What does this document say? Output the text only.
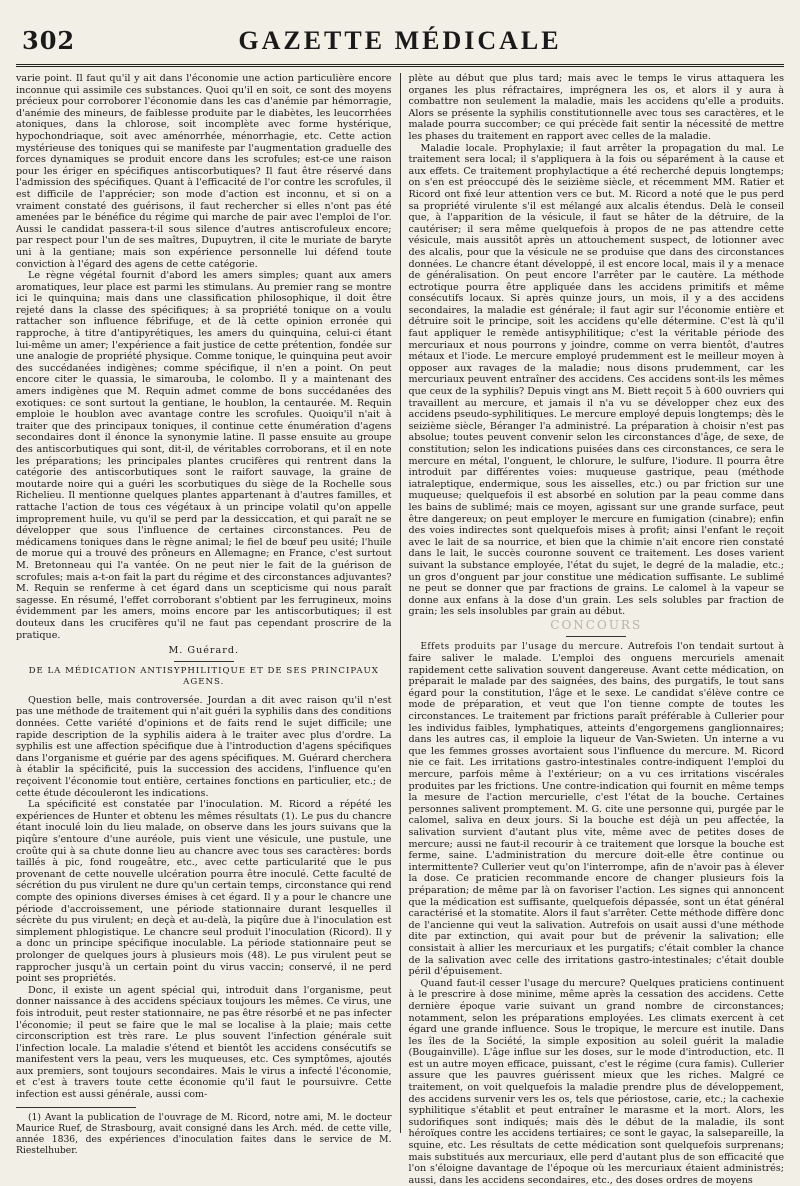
302	GAZETTE MÉDICALE

varie point. Il faut qu'il y ait dans l'économie une action particulière encore inconnue qui assimile ces substances. Quoi qu'il en soit, ce sont des moyens précieux pour corroborer l'économie dans les cas d'anémie par hémorragie, d'anémie des mineurs, de faiblesse produite par le diabètes, les leucorrhées atoniques, dans la chlorose, soit incomplète avec forme hystérique, hypochondriaque, soit avec aménorrhée, ménorrhagie, etc. Cette action mystérieuse des toniques qui se manifeste par l'augmentation graduelle des forces dynamiques se produit encore dans les scrofules; est-ce une raison pour les ériger en spécifiques antiscorbutiques? Il faut être réservé dans l'admission des spécifiques. Quant à l'efficacité de l'or contre les scrofules, il est difficile de l'apprécier; son mode d'action est inconnu, et si on a vraiment constaté des guérisons, il faut rechercher si elles n'ont pas été amenées par le bénéfice du régime qui marche de pair avec l'emploi de l'or. Aussi le candidat passera-t-il sous silence d'autres antiscrofuleux encore; par respect pour l'un de ses maîtres, Dupuytren, il cite le muriate de baryte uni à la gentiane; mais son expérience personnelle lui défend toute conviction à l'égard des agens de cette catégorie.

Le règne végétal fournit d'abord les amers simples; quant aux amers aromatiques, leur place est parmi les stimulans. Au premier rang se montre ici le quinquina; mais dans une classification philosophique, il doit être rejeté dans la classe des spécifiques; à sa propriété tonique on a voulu rattacher son influence fébrifuge, et de là cette opinion erronée qui rapproche, à titre d'antipyrétiques, les amers du quinquina, celui-ci étant lui-même un amer; l'expérience a fait justice de cette prétention, fondée sur une analogie de propriété physique. Comme tonique, le quinquina peut avoir des succédanées indigènes; comme spécifique, il n'en a point. On peut encore citer le quassia, le simarouba, le colombo. Il y a maintenant des amers indigènes que M. Requin admet comme de bons succédanées des exotiques: ce sont surtout la gentiane, le houblon, la centaurée. M. Requin emploie le houblon avec avantage contre les scrofules. Quoiqu'il n'ait à traiter que des principaux toniques, il continue cette énumération d'agens secondaires dont il énonce la synonymie latine. Il passe ensuite au groupe des antiscorbutiques qui sont, dit-il, de véritables corroborans, et il en note les préparations; les principales plantes crucifères qui rentrent dans la catégorie des antiscorbutiques sont le raifort sauvage, la graine de moutarde noire qui a guéri les scorbutiques du siège de la Rochelle sous Richelieu. Il mentionne quelques plantes appartenant à d'autres familles, et rattache l'action de tous ces végétaux à un principe volatil qu'on appelle improprement huile, vu qu'il se perd par la dessiccation, et qui paraît ne se développer que sous l'influence de certaines circonstances. Peu de médicamens toniques dans le règne animal; le fiel de bœuf peu usité; l'huile de morue qui a trouvé des prôneurs en Allemagne; en France, c'est surtout M. Bretonneau qui l'a vantée. On ne peut nier le fait de la guérison de scrofules; mais a-t-on fait la part du régime et des circonstances adjuvantes? M. Requin se renferme à cet égard dans un scepticisme qui nous paraît sagesse. En résumé, l'effet corroborant s'obtient par les ferrugineux, moins évidemment par les amers, moins encore par les antiscorbutiques; il est douteux dans les crucifères qu'il ne faut pas cependant proscrire de la pratique.

M. Guérard.
DE LA MÉDICATION ANTISYPHILITIQUE ET DE SES PRINCIPAUX AGENS.

Question belle, mais controversée. Jourdan a dit avec raison qu'il n'est pas une méthode de traitement qui n'ait guéri la syphilis dans des conditions données. Cette variété d'opinions et de faits rend le sujet difficile; une rapide description de la syphilis aidera à le traiter avec plus d'ordre. La syphilis est une affection spécifique due à l'introduction d'agens spécifiques dans l'organisme et guérie par des agens spécifiques. M. Guérard cherchera à établir la spécificité, puis la succession des accidens, l'influence qu'en reçoivent l'économie tout entière, certaines fonctions en particulier, etc.; de cette étude découleront les indications.

La spécificité est constatée par l'inoculation. M. Ricord a répété les expériences de Hunter et obtenu les mêmes résultats (1). Le pus du chancre étant inoculé loin du lieu malade, on observe dans les jours suivans que la piqûre s'entoure d'une auréole, puis vient une vésicule, une pustule, une croûte qui à sa chute donne lieu au chancre avec tous ses caractères: bords taillés à pic, fond rougeâtre, etc., avec cette particularité que le pus provenant de cette nouvelle ulcération pourra être inoculé. Cette faculté de sécrétion du pus virulent ne dure qu'un certain temps, circonstance qui rend compte des opinions diverses émises à cet égard. Il y a pour le chancre une période d'accroissement, une période stationnaire durant lesquelles il sécrète du pus virulent; en deçà et au-delà, la piqûre due à l'inoculation est simplement phlogistique. Le chancre seul produit l'inoculation (Ricord). Il y a donc un principe spécifique inoculable. La période stationnaire peut se prolonger de quelques jours à plusieurs mois (48). Le pus virulent peut se rapprocher jusqu'à un certain point du virus vaccin; conservé, il ne perd point ses propriétés.

Donc, il existe un agent spécial qui, introduit dans l'organisme, peut donner naissance à des accidens spéciaux toujours les mêmes. Ce virus, une fois introduit, peut rester stationnaire, ne pas être résorbé et ne pas infecter l'économie; il peut se faire que le mal se localise à la plaie; mais cette circonscription est très rare. Le plus souvent l'infection générale suit l'infection locale. La maladie s'étend et bientôt les accidens consécutifs se manifestent vers la peau, vers les muqueuses, etc. Ces symptômes, ajoutés aux premiers, sont toujours secondaires. Mais le virus a infecté l'économie, et c'est à travers toute cette économie qu'il faut le poursuivre. Cette infection est aussi générale, aussi com-

(1) Avant la publication de l'ouvrage de M. Ricord, notre ami, M. le docteur Maurice Ruef, de Strasbourg, avait consigné dans les Arch. méd. de cette ville, année 1836, des expériences d'inoculation faites dans le service de M. Riestelhuber.

plète au début que plus tard; mais avec le temps le virus attaquera les organes les plus réfractaires, imprégnera les os, et alors il y aura à combattre non seulement la maladie, mais les accidens qu'elle a produits. Alors se présente la syphilis constitutionnelle avec tous ses caractères, et le malade pourra succomber; ce qui précède fait sentir la nécessité de mettre les phases du traitement en rapport avec celles de la maladie.

Maladie locale. Prophylaxie; il faut arrêter la propagation du mal. Le traitement sera local; il s'appliquera à la fois ou séparément à la cause et aux effets. Ce traitement prophylactique a été recherché depuis longtemps; on s'en est préoccupé dès le seizième siècle, et récemment MM. Ratier et Ricord ont fixé leur attention vers ce but. M. Ricord a noté que le pus perd sa propriété virulente s'il est mélangé aux alcalis étendus. Delà le conseil que, à l'apparition de la vésicule, il faut se hâter de la détruire, de la cautériser; il sera même quelquefois à propos de ne pas attendre cette vésicule, mais aussitôt après un attouchement suspect, de lotionner avec des alcalis, pour que la vésicule ne se produise que dans des circonstances données. Le chancre étant développé, il est encore local, mais il y a menace de généralisation. On peut encore l'arrêter par le cautère. La méthode ectrotique pourra être appliquée dans les accidens primitifs et même consécutifs locaux. Si après quinze jours, un mois, il y a des accidens secondaires, la maladie est générale; il faut agir sur l'économie entière et détruire soit le principe, soit les accidens qu'elle détermine. C'est là qu'il faut appliquer le remède antisyphilitique; c'est la véritable période des mercuriaux et nous pourrons y joindre, comme on verra bientôt, d'autres métaux et l'iode. Le mercure employé prudemment est le meilleur moyen à opposer aux ravages de la maladie; nous disons prudemment, car les mercuriaux peuvent entraîner des accidens. Ces accidens sont-ils les mêmes que ceux de la syphilis? Depuis vingt ans M. Biett reçoit 5 à 600 ouvriers qui travaillent au mercure, et jamais il n'a vu se développer chez eux des accidens pseudo-syphilitiques. Le mercure employé depuis longtemps; dès le seizième siècle, Béranger l'a administré. La préparation à choisir n'est pas absolue; toutes peuvent convenir selon les circonstances d'âge, de sexe, de constitution; selon les indications puisées dans ces circonstances, ce sera le mercure en métal, l'onguent, le chlorure, le sulfure, l'iodure. Il pourra être introduit par différentes voies: muqueuse gastrique, peau (méthode iatraleptique, endermique, sous les aisselles, etc.) ou par friction sur une muqueuse; quelquefois il est absorbé en solution par la peau comme dans les bains de sublimé; mais ce moyen, agissant sur une grande surface, peut être dangereux; on peut employer le mercure en fumigation (cinabre); enfin des voies indirectes sont quelquefois mises à profit; ainsi l'enfant le reçoit avec le lait de sa nourrice, et bien que la chimie n'ait encore rien constaté dans le lait, le succès couronne souvent ce traitement. Les doses varient suivant la substance employée, l'état du sujet, le degré de la maladie, etc.; un gros d'onguent par jour constitue une médication suffisante. Le sublimé ne peut se donner que par fractions de grains. Le calomel à la vapeur se donne aux enfans à la dose d'un grain. Les sels solubles par fraction de grain; les sels insolubles par grain au début.

CONCOURS

Effets produits par l'usage du mercure. Autrefois l'on tendait surtout à faire saliver le malade. L'emploi des onguens mercuriels amenait rapidement cette salivation souvent dangereuse. Avant cette médication, on préparait le malade par des saignées, des bains, des purgatifs, le tout sans égard pour la constitution, l'âge et le sexe. Le candidat s'élève contre ce mode de préparation, et veut que l'on tienne compte de toutes les circonstances. Le traitement par frictions paraît préférable à Cullerier pour les individus faibles, lymphatiques, atteints d'engorgemens ganglionnaires; dans les autres cas, il emploie la liqueur de Van-Swieten. Un interne a vu que les femmes grosses avortaient sous l'influence du mercure. M. Ricord nie ce fait. Les irritations gastro-intestinales contre-indiquent l'emploi du mercure, parfois même à l'extérieur; on a vu ces irritations viscérales produites par les frictions. Une contre-indication qui fournit en même temps la mesure de l'action mercurielle, c'est l'état de la bouche. Certaines personnes salivent promptement. M. G. cite une personne qui, purgée par le calomel, saliva en deux jours. Si la bouche est déjà un peu affectée, la salivation survient d'autant plus vite, même avec de petites doses de mercure; aussi ne faut-il recourir à ce traitement que lorsque la bouche est ferme, saine. L'administration du mercure doit-elle être continue ou intermittente? Cullerier veut qu'on l'interrompe, afin de n'avoir pas à élever la dose. Ce praticien recommande encore de changer plusieurs fois la préparation; de même par là on favoriser l'action. Les signes qui annoncent que la médication est suffisante, quelquefois dépassée, sont un état général caractérisé et la stomatite. Alors il faut s'arrêter. Cette méthode diffère donc de l'ancienne qui veut la salivation. Autrefois on usait aussi d'une méthode dite par extinction, qui avait pour but de prévenir la salivation; elle consistait à allier les mercuriaux et les purgatifs; c'était combler la chance de la salivation avec celle des irritations gastro-intestinales; c'était double péril d'épuisement.

Quand faut-il cesser l'usage du mercure? Quelques praticiens continuent à le prescrire à dose minime, même après la cessation des accidens. Cette dernière époque varie suivant un grand nombre de circonstances; notamment, selon les préparations employées. Les climats exercent à cet égard une grande influence. Sous le tropique, le mercure est inutile. Dans les îles de la Société, la simple exposition au soleil guérit la maladie (Bougainville). L'âge influe sur les doses, sur le mode d'introduction, etc. Il est un autre moyen efficace, puissant, c'est le régime (cura famis). Cullerier assure que les pauvres guérissent mieux que les riches. Malgré ce traitement, on voit quelquefois la maladie prendre plus de développement, des accidens survenir vers les os, tels que périostose, carie, etc.; la cachexie syphilitique s'établit et peut entraîner le marasme et la mort. Alors, les sudorifiques sont indiqués; mais dès le début de la maladie, ils sont héroïques contre les accidens tertiaires; ce sont le gayac, la salsepareille, la squine, etc. Les résultats de cette médication sont quelquefois surprenans; mais substitués aux mercuriaux, elle perd d'autant plus de son efficacité que l'on s'éloigne davantage de l'époque où les mercuriaux étaient administrés; aussi, dans les accidens secondaires, etc., des doses ordres de moyens
